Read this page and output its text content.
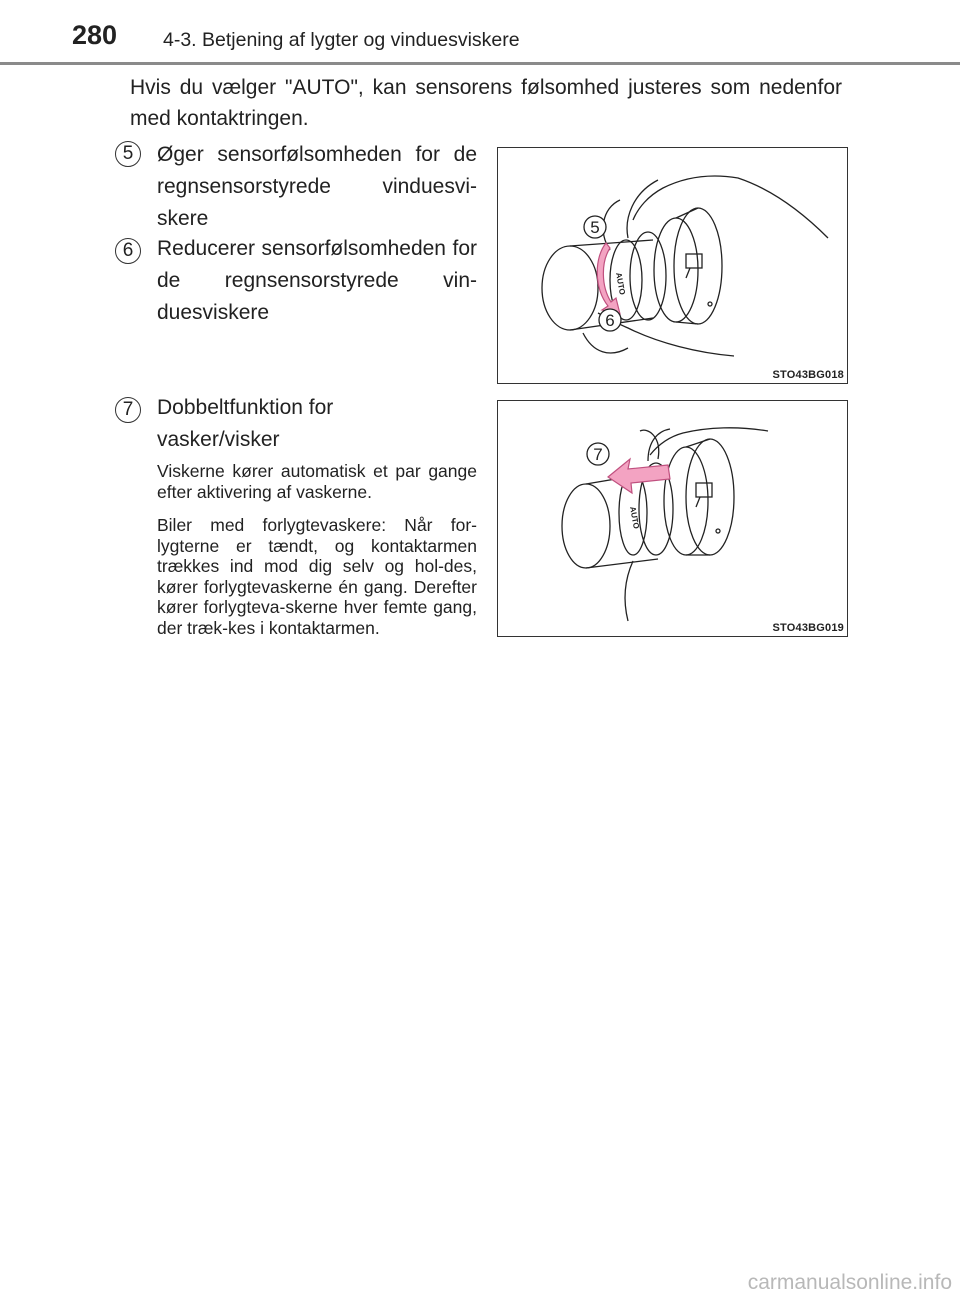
280 4-3. Betjening af lygter og vinduesviskere
Hvis du vælger "AUTO", kan sensorens følsomhed justeres som nedenfor med kontaktringen.
5	Øger sensorfølsomheden for de regnsensorstyrede vinduesvi-skere
6	Reducerer sensorfølsomheden for de regnsensorstyrede vin-duesviskere
7	Dobbeltfunktion for vasker/visker
Viskerne kører automatisk et par gange efter aktivering af vaskerne.
Biler med forlygtevaskere: Når for-lygterne er tændt, og kontaktarmen trækkes ind mod dig selv og hol-des, kører forlygtevaskerne én gang. Derefter kører forlygteva-skerne hver femte gang, der træk-kes i kontaktarmen.
AUTO
5
6
STO43BG018
AUTO
7
STO43BG019
carmanualsonline.info
